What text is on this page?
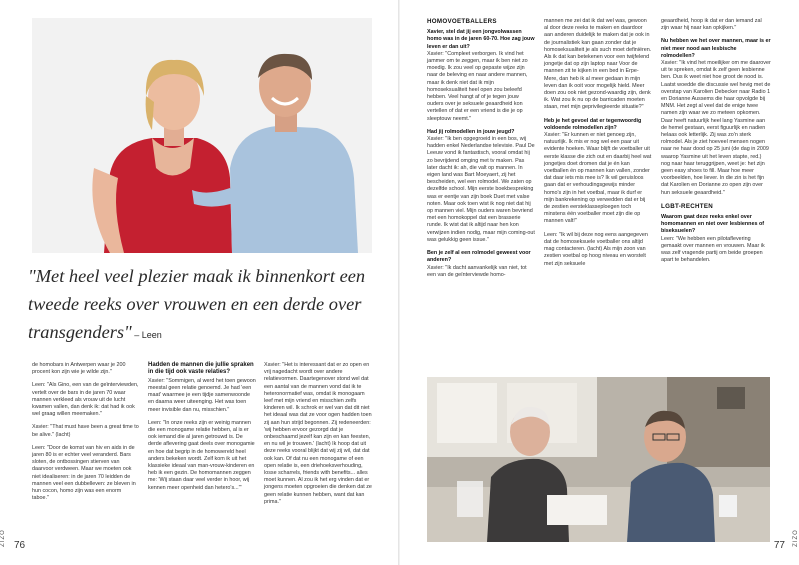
"Met heel veel plezier maak ik binnenkort een tweede reeks over vrouwen en een derde over transgenders" – Leen

de homobars in Antwerpen waar je 200 procent kon zijn wie je wilde zijn."

Leen: "Als Gino, een van de geïnterviewden, vertelt over de bars in de jaren 70 waar mannen verkleed als vrouw uit de lucht kwamen vallen, dan denk ik: dat had ik ook wel graag willen meemaken."

Xavier: "That must have been a great time to be alive." (lacht)

Leen: "Door de komst van hiv en aids in de jaren 80 is er echter veel veranderd. Bars sloten, de ontbossingen stierven van daarvoor verdween. Maar we moeten ook niet idealiseren: in de jaren 70 leidden de mannen veel een dubbelleven: ze bleven in hun cocon, homo zijn was een enorm taboe."

Hadden de mannen die jullie spraken in die tijd ook vaste relaties?

Xavier: "Sommigen, al werd het toen gewoon meestal geen relatie genoemd. Je had 'een maat' waarmee je een tijdje samenwoonde en daarna weer uiteenging. Het was toen meer invisible dan nu, misschien."

Leen: "In onze reeks zijn er weinig mannen die een monogame relatie hebben, al is er ook iemand die al jaren getrouwd is. De derde aflevering gaat deels over monogamie en hoe dat begrip in de homowereld heel anders bekeken wordt. Zelf kom ik uit het klassieke ideaal van man-vrouw-kinderen en heb ik een gezin. De homomannen zeggen me: 'Wij staan daar veel verder in hoor, wij kennen meer openheid dan hetero's...'"

Xavier: "Het is interessant dat er zo open en vrij nagedacht wordt over andere relatievormen. Daartegenover stond wel dat een aantal van de mannen vond dat ik te heteronormatief was, omdat ik monogaam leef met mijn vriend en misschien zelfs kinderen wil. Ik schrok er wel van dat dit niet het ideaal was dat ze voor ogen hadden toen zij aan hun strijd begonnen. Zij redeneerden: 'wij hebben ervoor gezorgd dat je onbeschaamd jezelf kan zijn en kan feesten, en nu wil je trouwen.' (lacht) Ik hoop dat uit deze reeks vooral blijkt dat wij zij wil, dat dat ook kan. Of dat nu een monogame of een open relatie is, een driehoeksverhouding, losse scharrels, friends with benefits... alles moet kunnen. Al zou ik het erg vinden dat er jongens moeten opgroeien die denken dat ze geen relatie kunnen hebben, want dat kan prima."

ZIZO 76
HOMOVOETBALLERS

Xavier, stel dat jij een jongvolwassen homo was in de jaren 60-70. Hoe zag jouw leven er dan uit?

Xavier: "Compleet verborgen. Ik vind het jammer om te zeggen, maar ik ben niet zo moedig. Ik zou veel op gepaste wijze zijn naar de beleving en naar andere mannen, maar ik denk niet dat ik mijn homoseksualiteit heel open zou beleefd hebben. Veel hangt af of je tegen jouw ouders over je seksuele geaardheid kon vertellen of dat er een vriend is die je op sleeptouw neemt."

Had jij rolmodellen in jouw jeugd?

Xavier: "Ik ben opgegroeid in een bos, wij hadden enkel Nederlandse televisie. Paul De Leeuw vond ik fantastisch, vooral omdat hij zo bevrijdend omging met tv maken. Pas later dacht ik: ah, die valt op mannen. In eigen land was Bart Moeyaert, zij het bescheiden, wel een rolmodel. We zaten op dezelfde school. Mijn eerste boekbespreking was er eentje van zijn boek Duet met valse noten. Maar ook toen wist ik nog niet dat hij op mannen viel. Mijn ouders waren bevriend met een homokoppel dat een brasserie runde. Ik wist dat ik altijd naar hen kon verwijzen indien nodig, maar mijn coming-out was gelukkig geen issue."

Ben je zelf al een rolmodel geweest voor anderen?

Xavier: "Ik dacht aanvankelijk van niet, tot een van de geïnterviewde homo-

mannen me zei dat ik dat wel was, gewoon al door deze reeks te maken en daardoor aan anderen duidelijk te maken dat je ook in de journalistiek kan gaan zonder dat je homoseksualiteit je als such moet definiëren. Als ik dat kan betekenen voor een twijfelend jongetje dat op zijn laptop naar Voor de mannen zit te kijken in een bed in Erpe-Mere, dan heb ik al meer gedaan in mijn leven dan ik ooit voor mogelijk hield. Meer doen zou ook niet gezond-waardig zijn, denk ik. Wat zou ik nu op de barricaden moeten staan, met mijn geprivilegieerde situatie?"

Heb je het gevoel dat er tegenwoordig voldoende rolmodellen zijn?

Xavier: "Er kunnen er niet genoeg zijn, natuurlijk. Ik mis er nog wel een paar uit evidente hoeken. Waar blijft de voetballer uit eerste klasse die zich out en daarbij heel wat jongetjes doet dromen dat je én kan voetballen én op mannen kan vallen, zonder dat daar iets mis mee is? Ik wil geruisloos gaan dat er verhoudingsgewijs minder homo's zijn in het voetbal, maar ik durf er mijn bankrekening op verwedden dat er bij de zestien eersteklasseploegen toch minstens één voetballer moet zijn die op mannen valt!"

Leen: "Ik wil bij deze nog eens aangegeven dat de homoseksuele voetballer ons altijd mag contacteren. (lacht) Als mijn zoon van zestien voetbal op hoog niveau en worstelt met zijn seksuele

geaardheid, hoop ik dat er dan iemand zal zijn waar hij naar kan opkijken."

Nu hebben we het over mannen, maar is er niet meer nood aan lesbische rolmodellen?

Xavier: "Ik vind het moeilijker om me daarover uit te spreken, omdat ik zelf geen lesbienne ben. Dus ik weet niet hoe groot de nood is. Laatst woedde die discussie wel hevig met de overstap van Karolien Debecker naar Radio 1 en Dorianne Aussems die haar opvolgde bij MNM. Het zegt al veel dat de enige twee namen zijn waar we zo meteen opkomen. Daar heeft natuurlijk heel lang Yasmine aan de hemel gestaan, eerst figuurlijk en nadien helaas ook letterlijk. Zij was zo'n sterk rolmodel. Als je ziet hoeveel mensen nogen naar ne haar dood op 25 juni (de dag in 2009 waarop Yasmine uit het leven stapte, red.) nog naar haar teruggrijpen, weet je: het zijn geen easy shoes to fill. Maar hoe meer voorbeelden, hoe liever. In die zin is het fijn dat Karolien en Dorianne zo open zijn over hun seksuele geaardheid."

LGBT-RECHTEN

Waarom gaat deze reeks enkel over homomannen en niet over lesbiennes of biseksuelen?

Leen: "We hebben een pilotaflevering gemaakt over mannen en vrouwen. Maar ik was zelf vragende partij om beide groepen apart te behandelen.

ZIZO
77
